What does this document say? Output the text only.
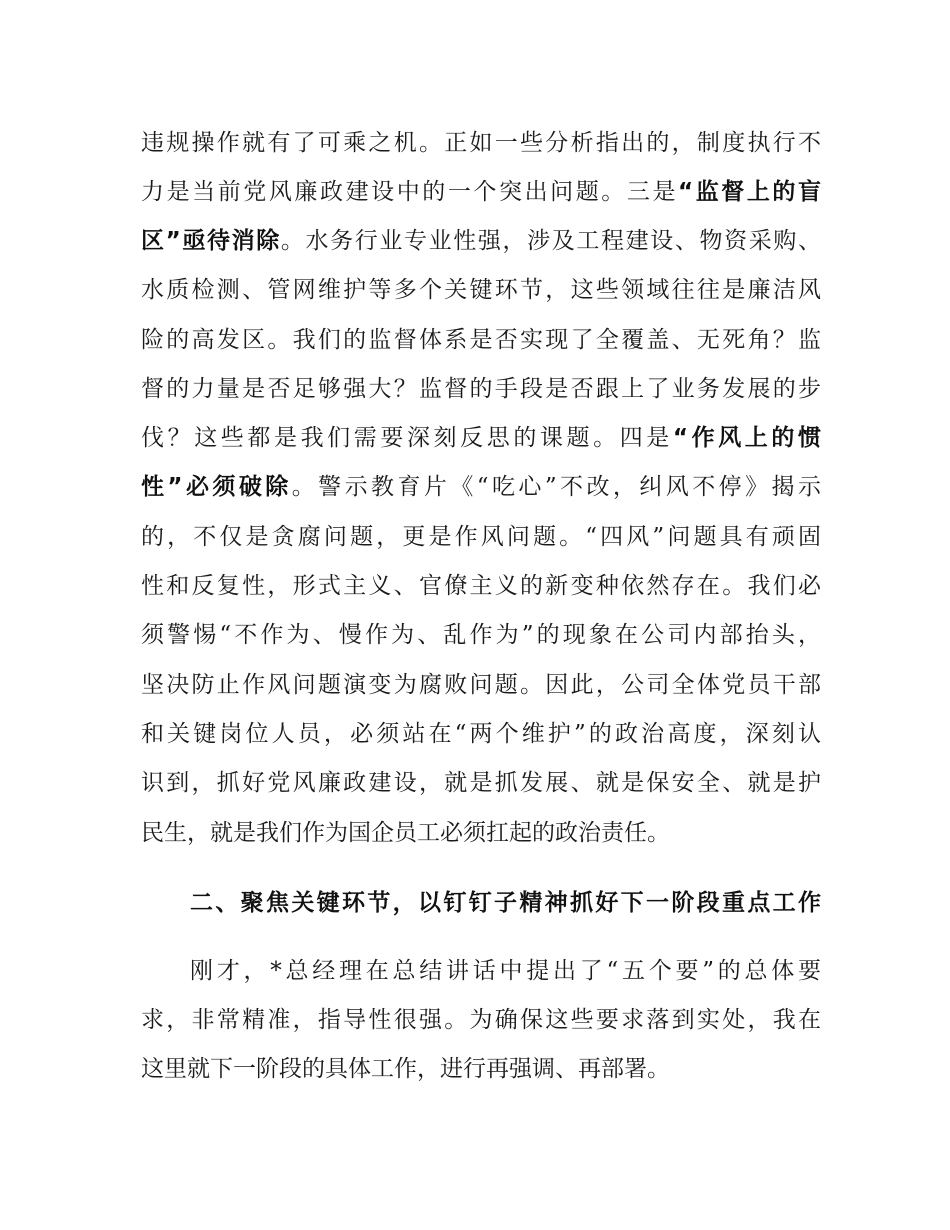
违规操作就有了可乘之机。正如一些分析指出的，制度执行不
力是当前党风廉政建设中的一个突出问题。三是“监督上的盲
区”亟待消除。水务行业专业性强，涉及工程建设、物资采购、
水质检测、管网维护等多个关键环节，这些领域往往是廉洁风
险的高发区。我们的监督体系是否实现了全覆盖、无死角？监
督的力量是否足够强大？监督的手段是否跟上了业务发展的步
伐？这些都是我们需要深刻反思的课题。四是“作风上的惯
性”必须破除。警示教育片《“吃心”不改，纠风不停》揭示
的，不仅是贪腐问题，更是作风问题。“四风”问题具有顽固
性和反复性，形式主义、官僚主义的新变种依然存在。我们必
须警惕“不作为、慢作为、乱作为”的现象在公司内部抬头，
坚决防止作风问题演变为腐败问题。因此，公司全体党员干部
和关键岗位人员，必须站在“两个维护”的政治高度，深刻认
识到，抓好党风廉政建设，就是抓发展、就是保安全、就是护
民生，就是我们作为国企员工必须扛起的政治责任。
二、聚焦关键环节，以钉钉子精神抓好下一阶段重点工作
刚才，*总经理在总结讲话中提出了“五个要”的总体要
求，非常精准，指导性很强。为确保这些要求落到实处，我在
这里就下一阶段的具体工作，进行再强调、再部署。
